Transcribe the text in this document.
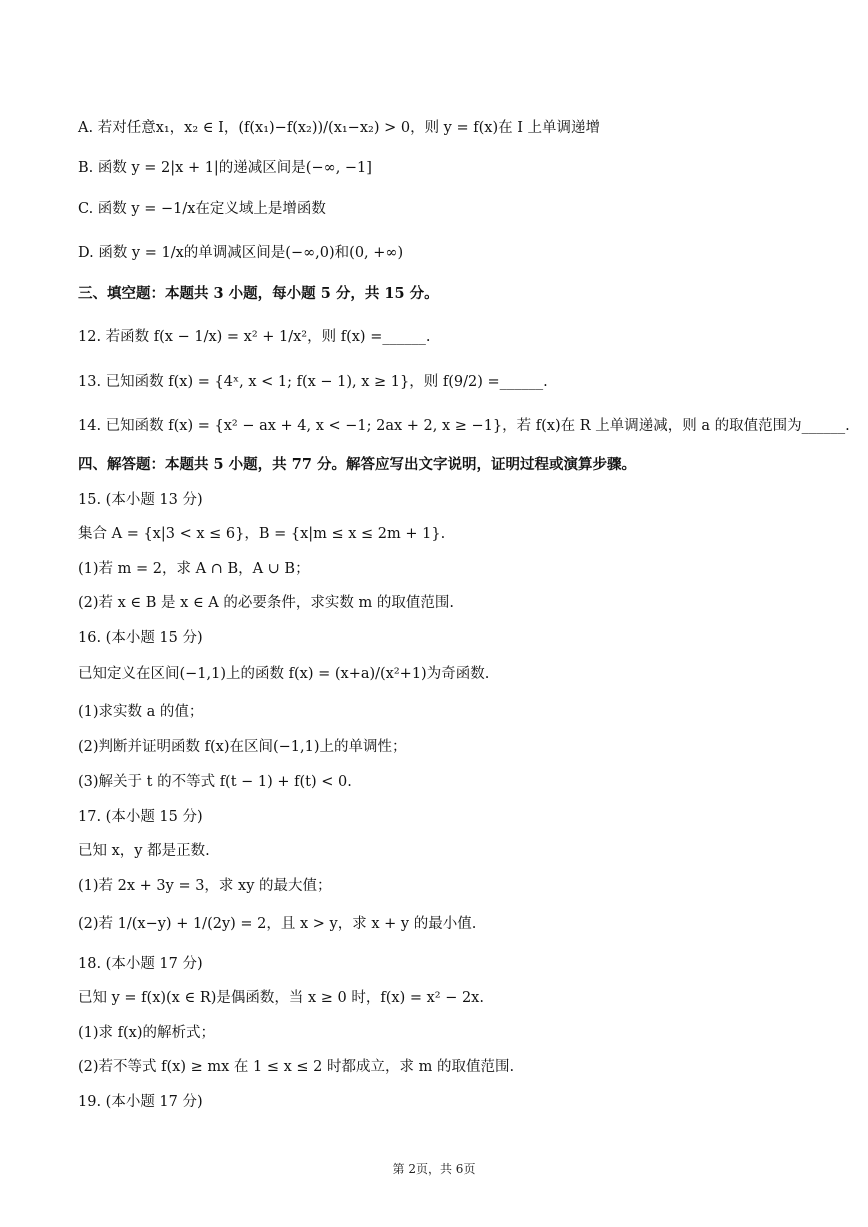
A. 若对任意x₁，x₂ ∈ I，(f(x₁)−f(x₂))/(x₁−x₂) > 0，则 y = f(x)在 I 上单调递增
B. 函数 y = 2|x + 1|的递减区间是(−∞, −1]
C. 函数 y = −1/x在定义域上是增函数
D. 函数 y = 1/x的单调减区间是(−∞,0)和(0, +∞)
三、填空题：本题共 3 小题，每小题 5 分，共 15 分。
12. 若函数 f(x − 1/x) = x² + 1/x²，则 f(x) =______.
13. 已知函数 f(x) = {4ˣ, x < 1; f(x − 1), x ≥ 1}，则 f(9/2) =______.
14. 已知函数 f(x) = {x² − ax + 4, x < −1; 2ax + 2, x ≥ −1}，若 f(x)在 R 上单调递减，则 a 的取值范围为______.
四、解答题：本题共 5 小题，共 77 分。解答应写出文字说明，证明过程或演算步骤。
15. (本小题 13 分)
集合 A = {x|3 < x ≤ 6}，B = {x|m ≤ x ≤ 2m + 1}.
(1)若 m = 2，求 A ∩ B，A ∪ B；
(2)若 x ∈ B 是 x ∈ A 的必要条件，求实数 m 的取值范围.
16. (本小题 15 分)
已知定义在区间(−1,1)上的函数 f(x) = (x+a)/(x²+1)为奇函数.
(1)求实数 a 的值；
(2)判断并证明函数 f(x)在区间(−1,1)上的单调性；
(3)解关于 t 的不等式 f(t − 1) + f(t) < 0.
17. (本小题 15 分)
已知 x，y 都是正数.
(1)若 2x + 3y = 3，求 xy 的最大值；
(2)若 1/(x−y) + 1/(2y) = 2，且 x > y，求 x + y 的最小值.
18. (本小题 17 分)
已知 y = f(x)(x ∈ R)是偶函数，当 x ≥ 0 时，f(x) = x² − 2x.
(1)求 f(x)的解析式；
(2)若不等式 f(x) ≥ mx 在 1 ≤ x ≤ 2 时都成立，求 m 的取值范围.
19. (本小题 17 分)
第 2页，共 6页
